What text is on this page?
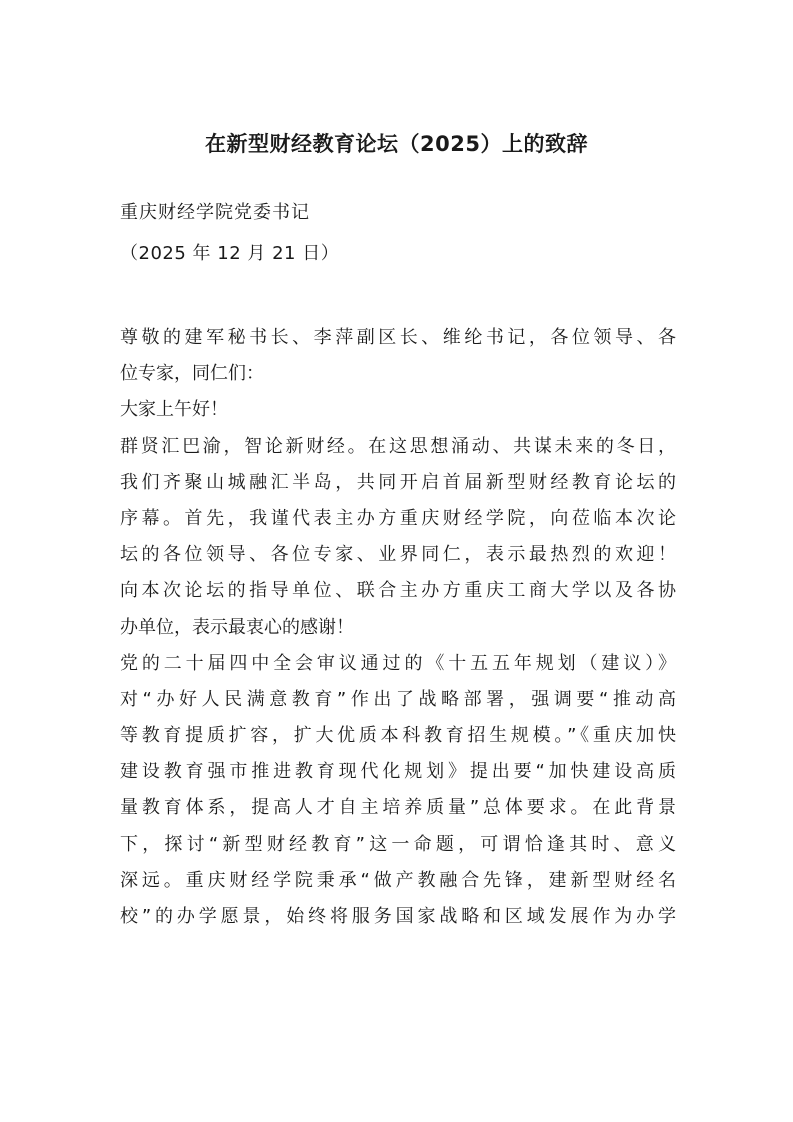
在新型财经教育论坛（2025）上的致辞

重庆财经学院党委书记

（2025 年 12 月 21 日）

尊敬的建军秘书长、李萍副区长、维纶书记，各位领导、各
位专家，同仁们：
大家上午好！
群贤汇巴渝，智论新财经。在这思想涌动、共谋未来的冬日，
我们齐聚山城融汇半岛，共同开启首届新型财经教育论坛的
序幕。首先，我谨代表主办方重庆财经学院，向莅临本次论
坛的各位领导、各位专家、业界同仁，表示最热烈的欢迎！
向本次论坛的指导单位、联合主办方重庆工商大学以及各协
办单位，表示最衷心的感谢！
党的二十届四中全会审议通过的《十五五年规划（建议）》
对“办好人民满意教育”作出了战略部署，强调要“推动高
等教育提质扩容，扩大优质本科教育招生规模。”《重庆加快
建设教育强市推进教育现代化规划》提出要“加快建设高质
量教育体系，提高人才自主培养质量”总体要求。在此背景
下，探讨“新型财经教育”这一命题，可谓恰逢其时、意义
深远。重庆财经学院秉承“做产教融合先锋，建新型财经名
校”的办学愿景，始终将服务国家战略和区域发展作为办学
